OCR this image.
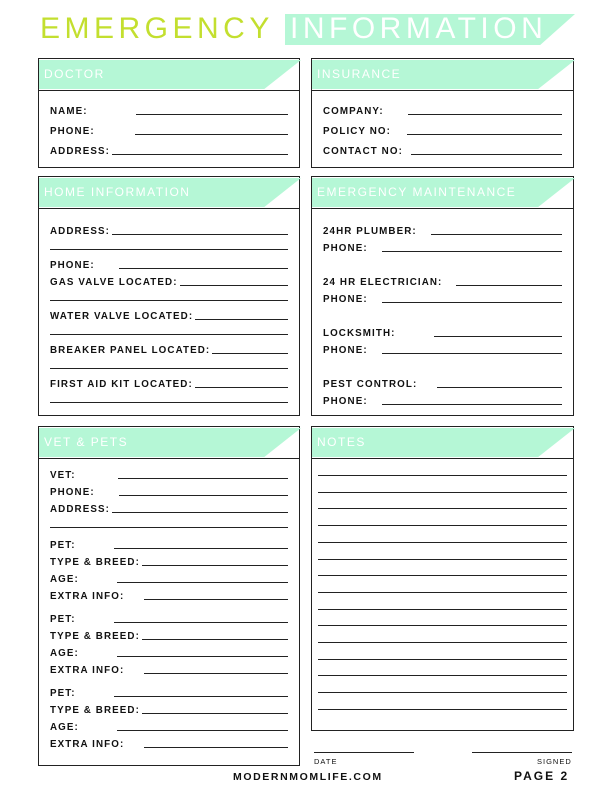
EMERGENCY INFORMATION
DOCTOR
NAME:
PHONE:
ADDRESS:
INSURANCE
COMPANY:
POLICY NO:
CONTACT NO:
HOME INFORMATION
ADDRESS:
PHONE:
GAS VALVE LOCATED:
WATER VALVE LOCATED:
BREAKER PANEL LOCATED:
FIRST AID KIT LOCATED:
EMERGENCY MAINTENANCE
24HR PLUMBER:
PHONE:
24 HR ELECTRICIAN:
PHONE:
LOCKSMITH:
PHONE:
PEST CONTROL:
PHONE:
VET & PETS
VET:
PHONE:
ADDRESS:
PET:
TYPE & BREED:
AGE:
EXTRA INFO:
PET:
TYPE & BREED:
AGE:
EXTRA INFO:
PET:
TYPE & BREED:
AGE:
EXTRA INFO:
NOTES
DATE	SIGNED
MODERNMOMLIFE.COM	PAGE 2
